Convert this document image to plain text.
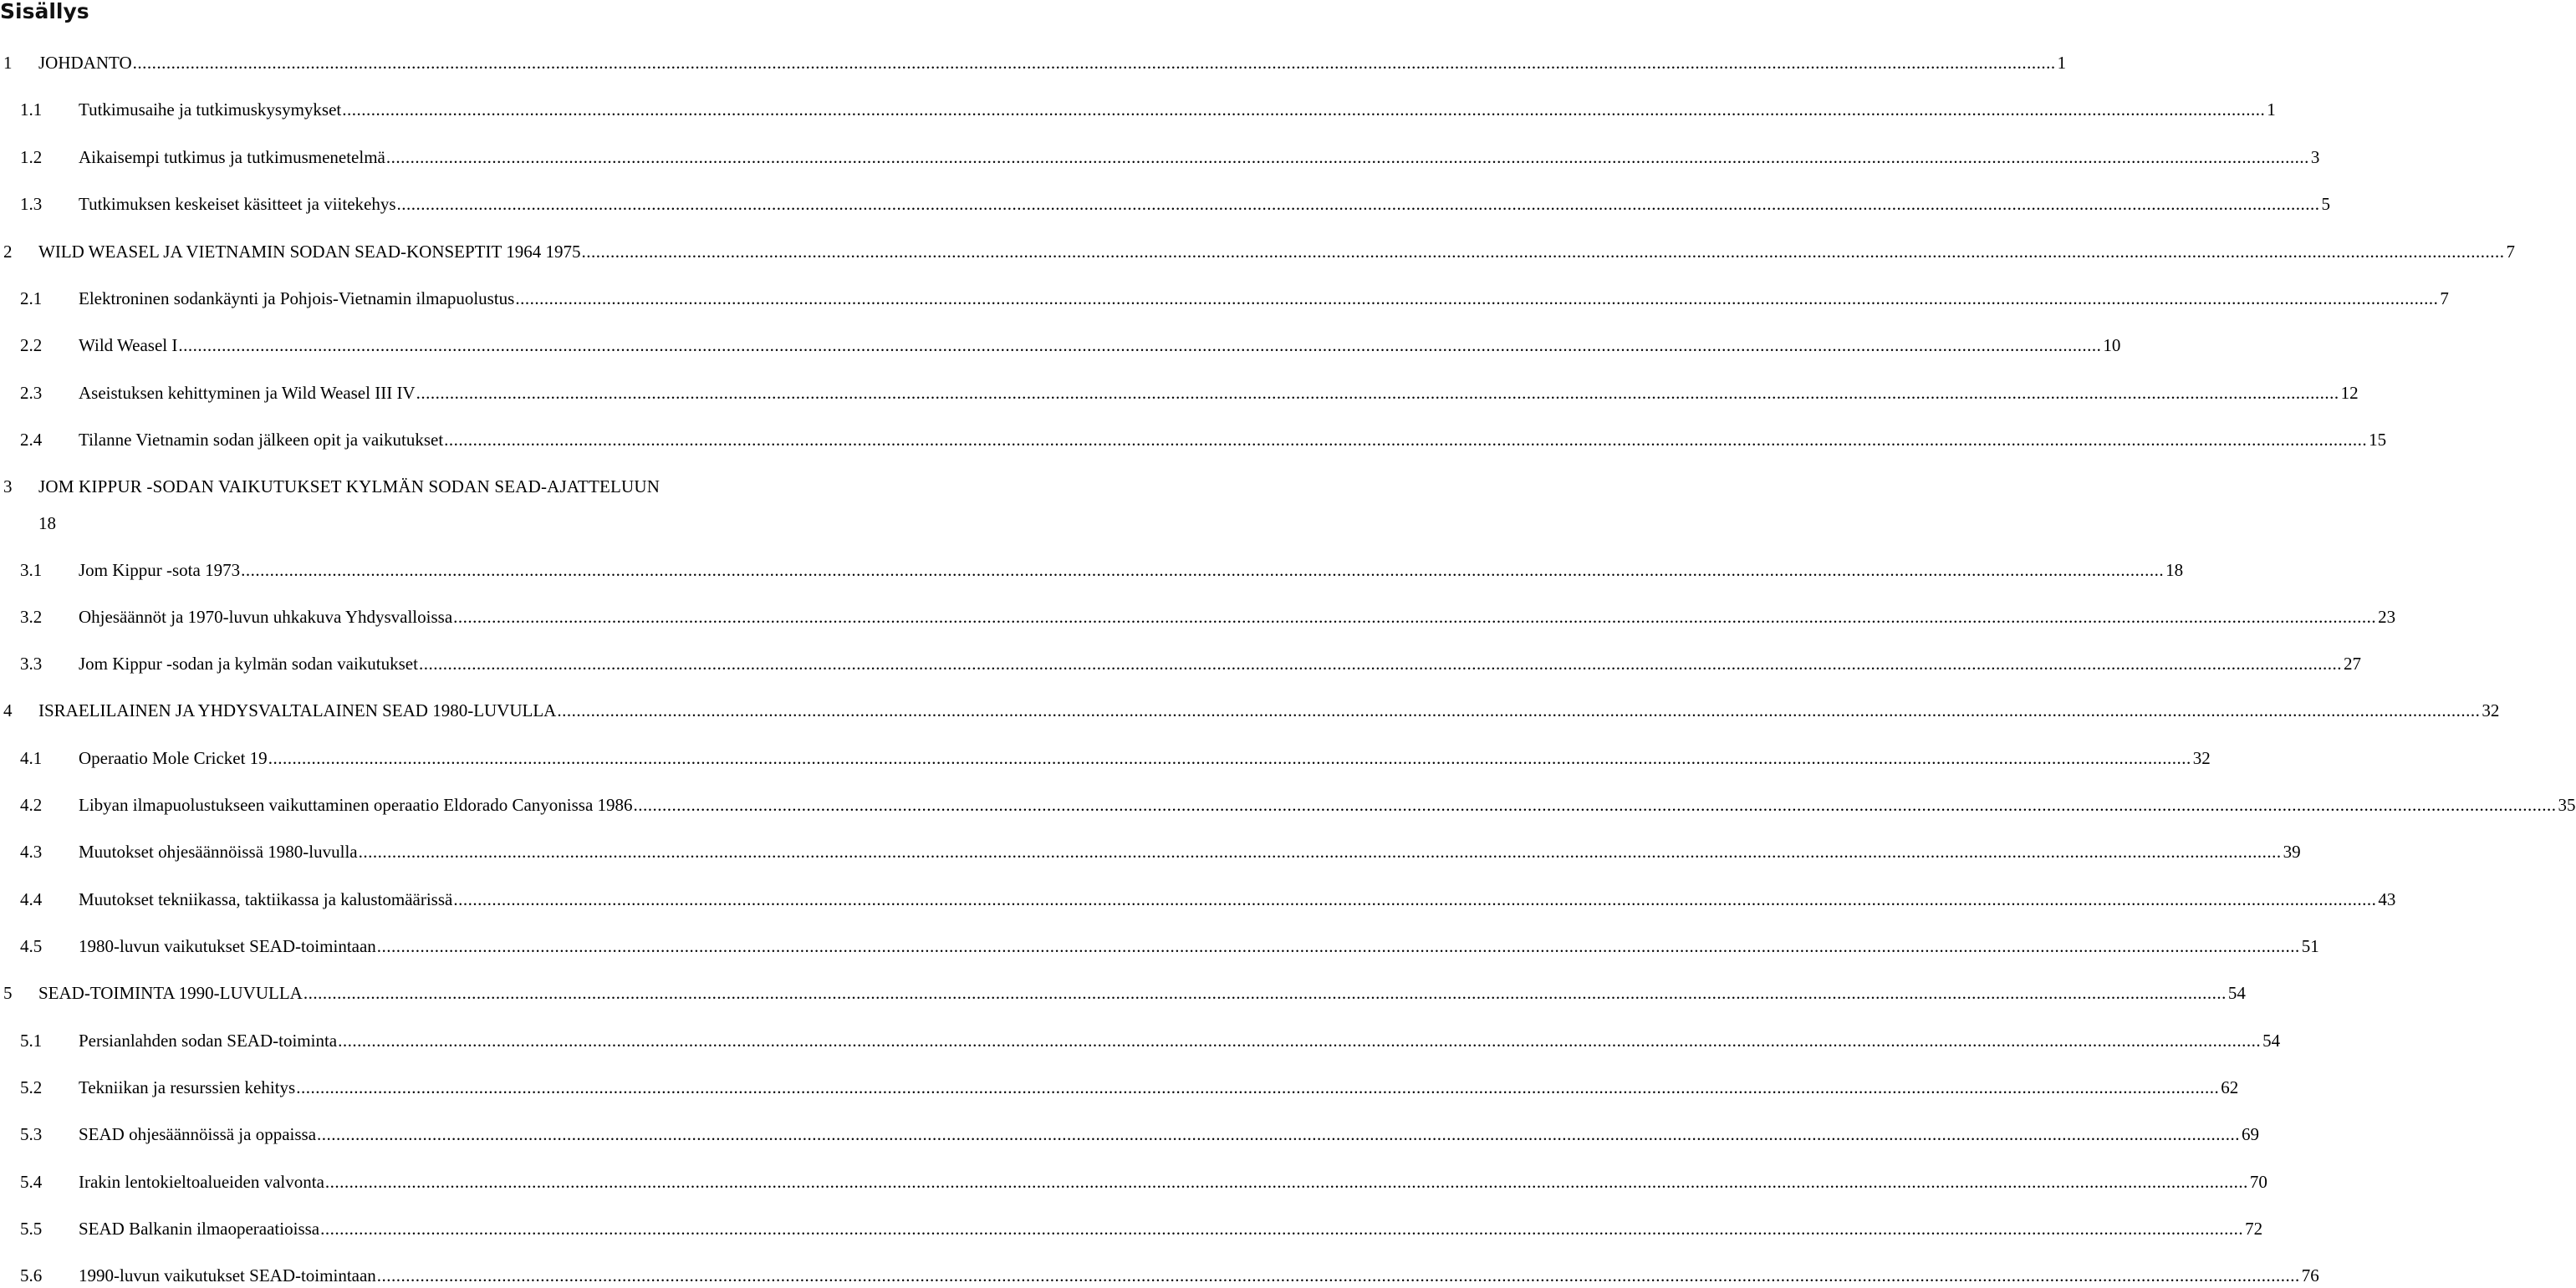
Sisällys
1 JOHDANTO ................................................................................................................................................................................................................................................................................................................................................................................................................ 1
1.1 Tutkimusaihe ja tutkimuskysymykset ................................................................................................................................................................................................................................................................................................................................................................................................................ 1
1.2 Aikaisempi tutkimus ja tutkimusmenetelmä ................................................................................................................................................................................................................................................................................................................................................................................................................ 3
1.3 Tutkimuksen keskeiset käsitteet ja viitekehys ................................................................................................................................................................................................................................................................................................................................................................................................................ 5
2 WILD WEASEL JA VIETNAMIN SODAN SEAD-KONSEPTIT 1964 1975 ................................................................................................................................................................................................................................................................................................................................................................................................................ 7
2.1 Elektroninen sodankäynti ja Pohjois-Vietnamin ilmapuolustus ................................................................................................................................................................................................................................................................................................................................................................................................................ 7
2.2 Wild Weasel I ................................................................................................................................................................................................................................................................................................................................................................................................................ 10
2.3 Aseistuksen kehittyminen ja Wild Weasel III IV ................................................................................................................................................................................................................................................................................................................................................................................................................ 12
2.4 Tilanne Vietnamin sodan jälkeen opit ja vaikutukset ................................................................................................................................................................................................................................................................................................................................................................................................................ 15
3 JOM KIPPUR -SODAN VAIKUTUKSET KYLMÄN SODAN SEAD-AJATTELUUN
18
3.1 Jom Kippur -sota 1973 ................................................................................................................................................................................................................................................................................................................................................................................................................ 18
3.2 Ohjesäännöt ja 1970-luvun uhkakuva Yhdysvalloissa ................................................................................................................................................................................................................................................................................................................................................................................................................ 23
3.3 Jom Kippur -sodan ja kylmän sodan vaikutukset ................................................................................................................................................................................................................................................................................................................................................................................................................ 27
4 ISRAELILAINEN JA YHDYSVALTALAINEN SEAD 1980-LUVULLA ................................................................................................................................................................................................................................................................................................................................................................................................................ 32
4.1 Operaatio Mole Cricket 19 ................................................................................................................................................................................................................................................................................................................................................................................................................ 32
4.2 Libyan ilmapuolustukseen vaikuttaminen operaatio Eldorado Canyonissa 1986 ................................................................................................................................................................................................................................................................................................................................................................................................................ 35
4.3 Muutokset ohjesäännöissä 1980-luvulla ................................................................................................................................................................................................................................................................................................................................................................................................................ 39
4.4 Muutokset tekniikassa, taktiikassa ja kalustomäärissä ................................................................................................................................................................................................................................................................................................................................................................................................................ 43
4.5 1980-luvun vaikutukset SEAD-toimintaan ................................................................................................................................................................................................................................................................................................................................................................................................................ 51
5 SEAD-TOIMINTA 1990-LUVULLA ................................................................................................................................................................................................................................................................................................................................................................................................................ 54
5.1 Persianlahden sodan SEAD-toiminta ................................................................................................................................................................................................................................................................................................................................................................................................................ 54
5.2 Tekniikan ja resurssien kehitys ................................................................................................................................................................................................................................................................................................................................................................................................................ 62
5.3 SEAD ohjesäännöissä ja oppaissa ................................................................................................................................................................................................................................................................................................................................................................................................................ 69
5.4 Irakin lentokieltoalueiden valvonta ................................................................................................................................................................................................................................................................................................................................................................................................................ 70
5.5 SEAD Balkanin ilmaoperaatioissa ................................................................................................................................................................................................................................................................................................................................................................................................................ 72
5.6 1990-luvun vaikutukset SEAD-toimintaan ................................................................................................................................................................................................................................................................................................................................................................................................................ 76
